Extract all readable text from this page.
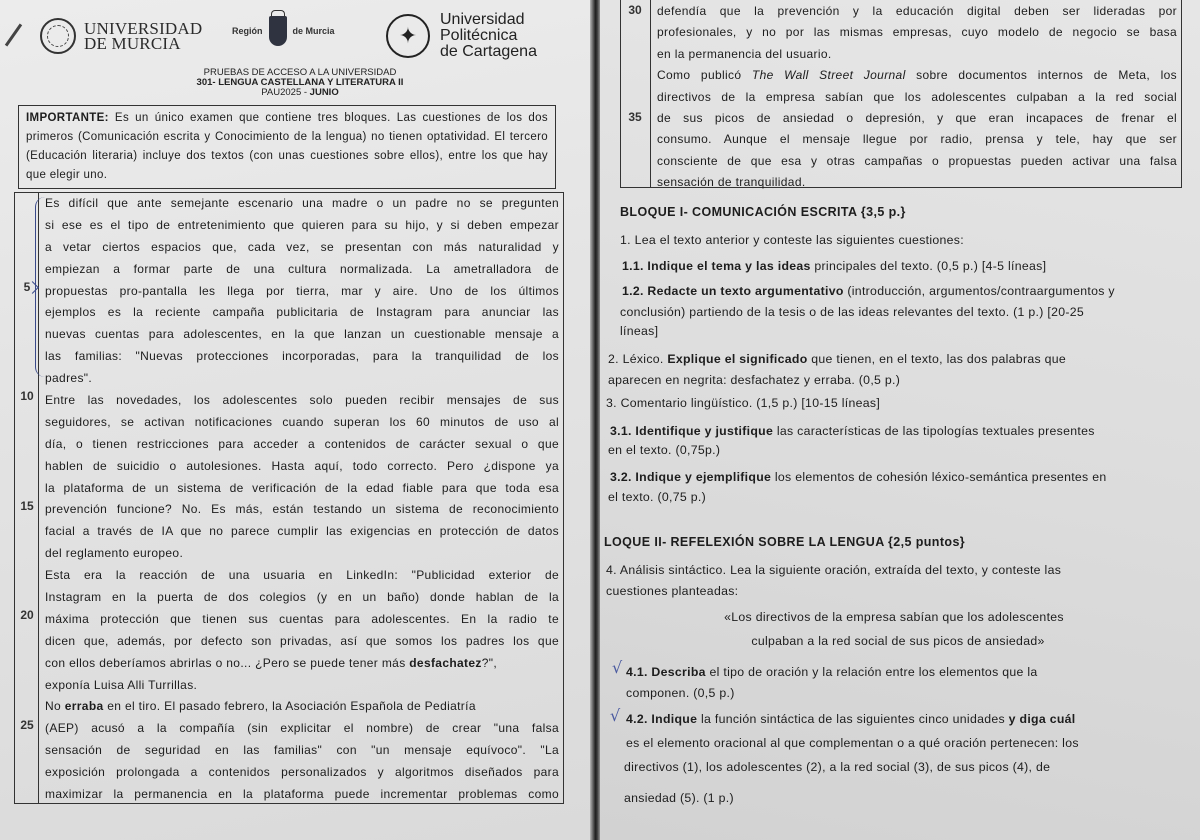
UNIVERSIDAD
DE MURCIA
Región	de Murcia	✦
Universidad
Politécnica
de Cartagena
PRUEBAS DE ACCESO A LA UNIVERSIDAD
301- LENGUA CASTELLANA Y LITERATURA II
PAU2025 - JUNIO
IMPORTANTE: Es un único examen que contiene tres bloques. Las cuestiones de los dos primeros (Comunicación escrita y Conocimiento de la lengua) no tienen optatividad. El tercero (Educación literaria) incluye dos textos (con unas cuestiones sobre ellos), entre los que hay que elegir uno.
5
10
15
20
25
Es difícil que ante semejante escenario una madre o un padre no se pregunten
si ese es el tipo de entretenimiento que quieren para su hijo, y si deben empezar
a vetar ciertos espacios que, cada vez, se presentan con más naturalidad y
empiezan a formar parte de una cultura normalizada. La ametralladora de
propuestas pro-pantalla les llega por tierra, mar y aire. Uno de los últimos
ejemplos es la reciente campaña publicitaria de Instagram para anunciar las
nuevas cuentas para adolescentes, en la que lanzan un cuestionable mensaje a
las familias: "Nuevas protecciones incorporadas, para la tranquilidad de los
padres".
Entre las novedades, los adolescentes solo pueden recibir mensajes de sus
seguidores, se activan notificaciones cuando superan los 60 minutos de uso al
día, o tienen restricciones para acceder a contenidos de carácter sexual o que
hablen de suicidio o autolesiones. Hasta aquí, todo correcto. Pero ¿dispone ya
la plataforma de un sistema de verificación de la edad fiable para que toda esa
prevención funcione? No. Es más, están testando un sistema de reconocimiento
facial a través de IA que no parece cumplir las exigencias en protección de datos
del reglamento europeo.
Esta era la reacción de una usuaria en LinkedIn: "Publicidad exterior de
Instagram en la puerta de dos colegios (y en un baño) donde hablan de la
máxima protección que tienen sus cuentas para adolescentes. En la radio te
dicen que, además, por defecto son privadas, así que somos los padres los que
con ellos deberíamos abrirlas o no... ¿Pero se puede tener más desfachatez?",
exponía Luisa Alli Turrillas.
No erraba en el tiro. El pasado febrero, la Asociación Española de Pediatría
(AEP) acusó a la compañía (sin explicitar el nombre) de crear "una falsa
sensación de seguridad en las familias" con "un mensaje equívoco". "La
exposición prolongada a contenidos personalizados y algoritmos diseñados para
maximizar la permanencia en la plataforma puede incrementar problemas como
30
35
defendía que la prevención y la educación digital deben ser lideradas por
profesionales, y no por las mismas empresas, cuyo modelo de negocio se basa
en la permanencia del usuario.
Como publicó The Wall Street Journal sobre documentos internos de Meta, los
directivos de la empresa sabían que los adolescentes culpaban a la red social
de sus picos de ansiedad o depresión, y que eran incapaces de frenar el
consumo. Aunque el mensaje llegue por radio, prensa y tele, hay que ser
consciente de que esa y otras campañas o propuestas pueden activar una falsa
sensación de tranquilidad.
BLOQUE I- COMUNICACIÓN ESCRITA {3,5 p.}
1. Lea el texto anterior y conteste las siguientes cuestiones:
1.1. Indique el tema y las ideas principales del texto. (0,5 p.) [4-5 líneas]
1.2. Redacte un texto argumentativo (introducción, argumentos/contraargumentos y
conclusión) partiendo de la tesis o de las ideas relevantes del texto. (1 p.) [20-25
líneas]
2. Léxico. Explique el significado que tienen, en el texto, las dos palabras que
aparecen en negrita: desfachatez y erraba. (0,5 p.)
3. Comentario lingüístico. (1,5 p.) [10-15 líneas]
3.1. Identifique y justifique las características de las tipologías textuales presentes
en el texto. (0,75p.)
3.2. Indique y ejemplifique los elementos de cohesión léxico-semántica presentes en
el texto. (0,75 p.)
LOQUE II- REFELEXIÓN SOBRE LA LENGUA {2,5 puntos}
4. Análisis sintáctico. Lea la siguiente oración, extraída del texto, y conteste las
cuestiones planteadas:
«Los directivos de la empresa sabían que los adolescentes
culpaban a la red social de sus picos de ansiedad»
√ 4.1. Describa el tipo de oración y la relación entre los elementos que la
componen. (0,5 p.)
√ 4.2. Indique la función sintáctica de las siguientes cinco unidades y diga cuál
es el elemento oracional al que complementan o a qué oración pertenecen: los
directivos (1), los adolescentes (2), a la red social (3), de sus picos (4), de
ansiedad (5). (1 p.)
